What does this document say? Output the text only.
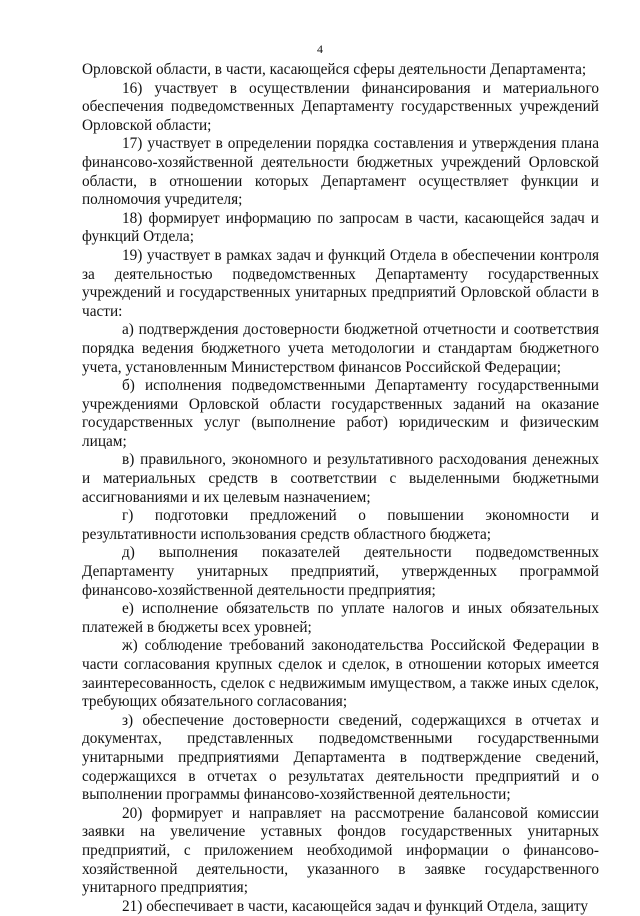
4

Орловской области, в части, касающейся сферы деятельности Департамента;

16) участвует в осуществлении финансирования и материального обеспечения подведомственных Департаменту государственных учреждений Орловской области;

17) участвует в определении порядка составления и утверждения плана финансово-хозяйственной деятельности бюджетных учреждений Орловской области, в отношении которых Департамент осуществляет функции и полномочия учредителя;

18) формирует информацию по запросам в части, касающейся задач и функций Отдела;

19) участвует в рамках задач и функций Отдела в обеспечении контроля за деятельностью подведомственных Департаменту государственных учреждений и государственных унитарных предприятий Орловской области в части:

а) подтверждения достоверности бюджетной отчетности и соответствия порядка ведения бюджетного учета методологии и стандартам бюджетного учета, установленным Министерством финансов Российской Федерации;

б) исполнения подведомственными Департаменту государственными учреждениями Орловской области государственных заданий на оказание государственных услуг (выполнение работ) юридическим и физическим лицам;

в) правильного, экономного и результативного расходования денежных и материальных средств в соответствии с выделенными бюджетными ассигнованиями и их целевым назначением;

г) подготовки предложений о повышении экономности и результативности использования средств областного бюджета;

д) выполнения показателей деятельности подведомственных Департаменту унитарных предприятий, утвержденных программой финансово-хозяйственной деятельности предприятия;

е) исполнение обязательств по уплате налогов и иных обязательных платежей в бюджеты всех уровней;

ж) соблюдение требований законодательства Российской Федерации в части согласования крупных сделок и сделок, в отношении которых имеется заинтересованность, сделок с недвижимым имуществом, а также иных сделок, требующих обязательного согласования;

з) обеспечение достоверности сведений, содержащихся в отчетах и документах, представленных подведомственными государственными унитарными предприятиями Департамента в подтверждение сведений, содержащихся в отчетах о результатах деятельности предприятий и о выполнении программы финансово-хозяйственной деятельности;

20) формирует и направляет на рассмотрение балансовой комиссии заявки на увеличение уставных фондов государственных унитарных предприятий, с приложением необходимой информации о финансово-хозяйственной деятельности, указанного в заявке государственного унитарного предприятия;

21) обеспечивает в части, касающейся задач и функций Отдела, защиту
